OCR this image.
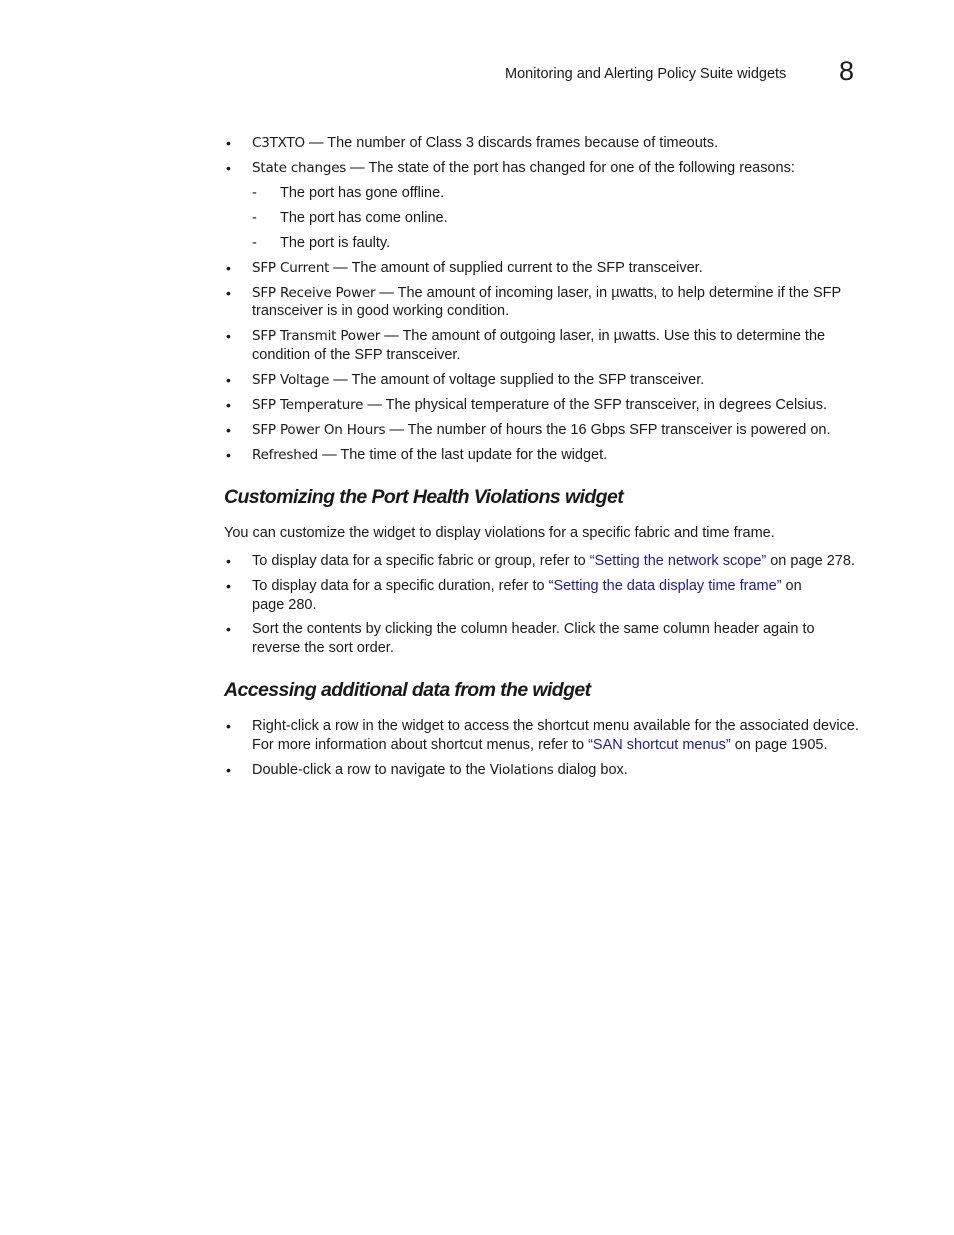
Monitoring and Alerting Policy Suite widgets 8
• C3TXTO — The number of Class 3 discards frames because of timeouts.
• State changes — The state of the port has changed for one of the following reasons:
- The port has gone offline.
- The port has come online.
- The port is faulty.
• SFP Current — The amount of supplied current to the SFP transceiver.
• SFP Receive Power — The amount of incoming laser, in µwatts, to help determine if the SFP
transceiver is in good working condition.
• SFP Transmit Power — The amount of outgoing laser, in µwatts. Use this to determine the
condition of the SFP transceiver.
• SFP Voltage — The amount of voltage supplied to the SFP transceiver.
• SFP Temperature — The physical temperature of the SFP transceiver, in degrees Celsius.
• SFP Power On Hours — The number of hours the 16 Gbps SFP transceiver is powered on.
• Refreshed — The time of the last update for the widget.
Customizing the Port Health Violations widget
You can customize the widget to display violations for a specific fabric and time frame.
• To display data for a specific fabric or group, refer to “Setting the network scope” on page 278.
• To display data for a specific duration, refer to “Setting the data display time frame” on
page 280.
• Sort the contents by clicking the column header. Click the same column header again to
reverse the sort order.
Accessing additional data from the widget
• Right-click a row in the widget to access the shortcut menu available for the associated device.
For more information about shortcut menus, refer to “SAN shortcut menus” on page 1905.
• Double-click a row to navigate to the Violations dialog box.
